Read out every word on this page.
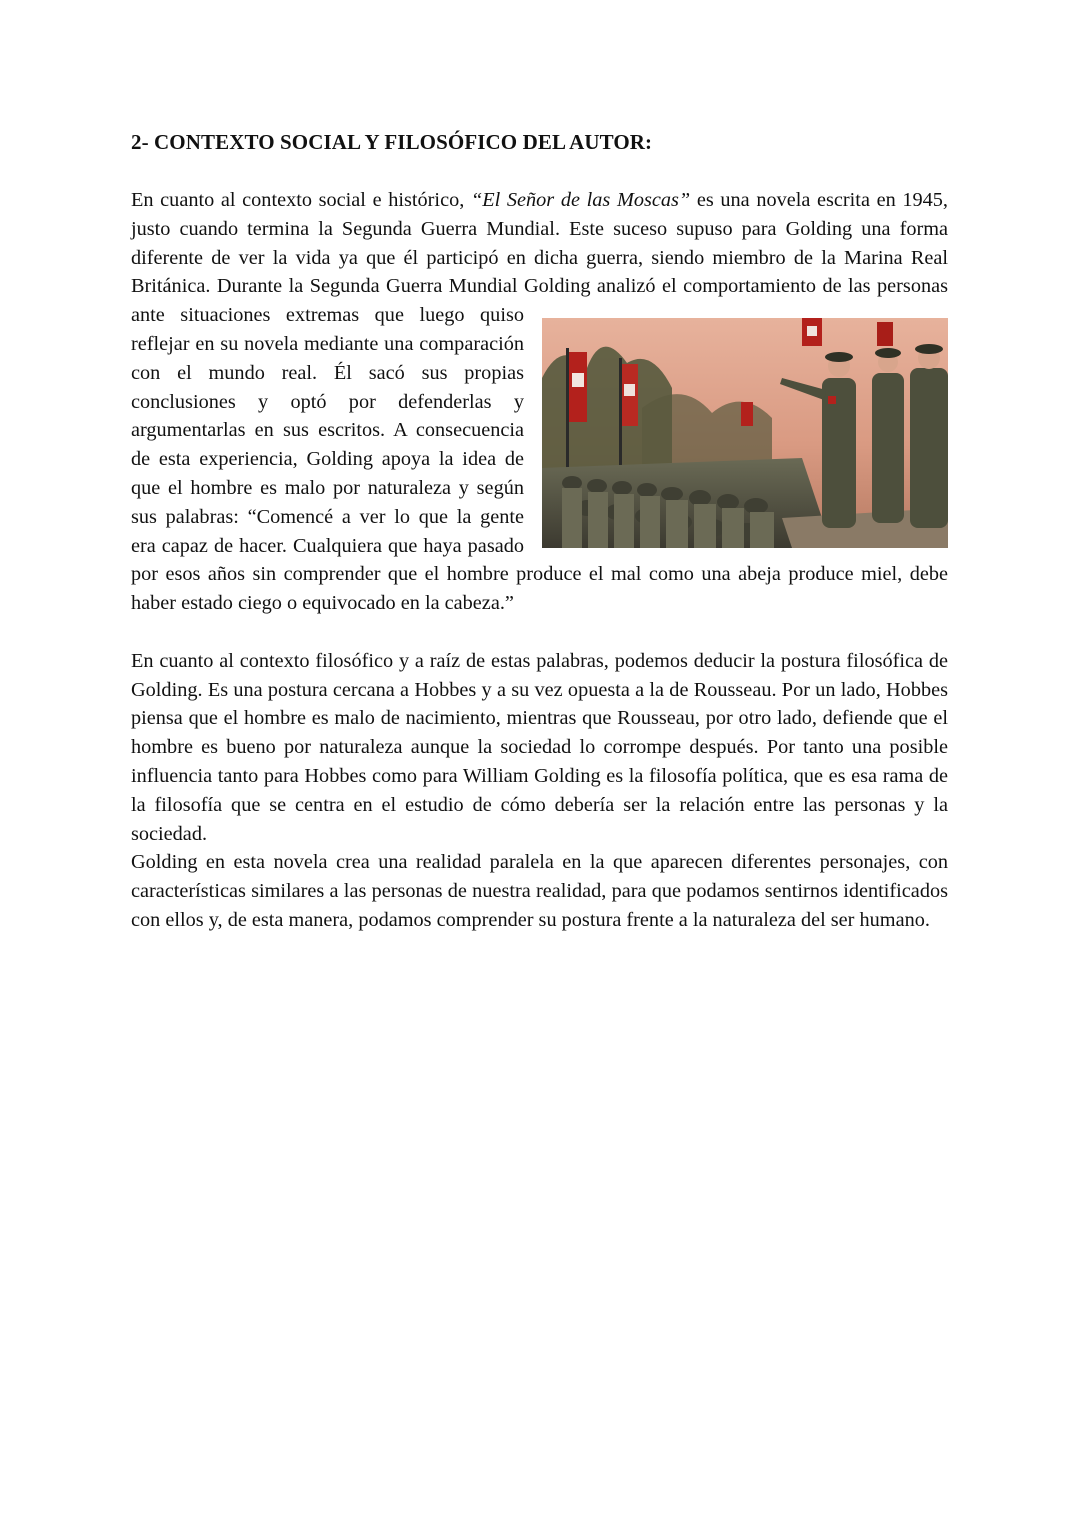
2- CONTEXTO SOCIAL Y FILOSÓFICO DEL AUTOR:

En cuanto al contexto social e histórico, “El Señor de las Moscas” es una novela escrita en 1945, justo cuando termina la Segunda Guerra Mundial. Este suceso supuso para Golding una forma diferente de ver la vida ya que él participó en dicha guerra, siendo miembro de la Marina Real Británica. Durante la Segunda Guerra Mundial Golding analizó el
comportamiento de las personas ante situaciones extremas que luego quiso reflejar en su novela mediante una comparación con el mundo real. Él sacó sus propias conclusiones y optó por defenderlas y argumentarlas en sus escritos. A consecuencia de esta experiencia, Golding apoya la idea de que el hombre es malo por naturaleza y según sus palabras: “Comencé a ver lo que la gente era capaz de hacer. Cualquiera que haya pasado por esos años sin comprender que el hombre produce el mal como una abeja produce miel, debe haber estado ciego o equivocado en la cabeza.”

En cuanto al contexto filosófico y a raíz de estas palabras, podemos deducir la postura filosófica de Golding. Es una postura cercana a Hobbes y a su vez opuesta a la de Rousseau. Por un lado, Hobbes piensa que el hombre es malo de nacimiento, mientras que Rousseau, por otro lado, defiende que el hombre es bueno por naturaleza aunque la sociedad lo corrompe después. Por tanto una posible influencia tanto para Hobbes como para William Golding es la filosofía política, que es esa rama de la filosofía que se centra en el estudio de cómo debería ser la relación entre las personas y la sociedad.

Golding en esta novela crea una realidad paralela en la que aparecen diferentes personajes, con características similares a las personas de nuestra realidad, para que podamos sentirnos identificados con ellos y, de esta manera, podamos comprender su postura frente a la naturaleza del ser humano.
